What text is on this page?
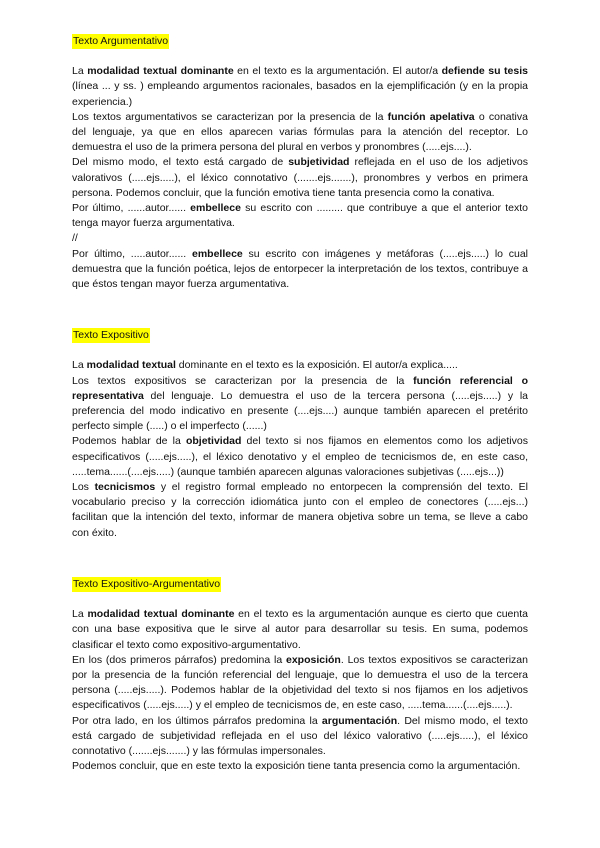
Texto Argumentativo

La modalidad textual dominante en el texto es la argumentación. El autor/a defiende su tesis (línea ... y ss. ) empleando argumentos racionales, basados en la ejemplificación (y en la propia experiencia.)

Los textos argumentativos se caracterizan por la presencia de la función apelativa o conativa del lenguaje, ya que en ellos aparecen varias fórmulas para la atención del receptor. Lo demuestra el uso de la primera persona del plural en verbos y pronombres (.....ejs....).

Del mismo modo, el texto está cargado de subjetividad reflejada en el uso de los adjetivos valorativos (.....ejs.....), el léxico connotativo (.......ejs.......), pronombres y verbos en primera persona. Podemos concluir, que la función emotiva tiene tanta presencia como la conativa.

Por último, ......autor...... embellece su escrito con ......... que contribuye a que el anterior texto tenga mayor fuerza argumentativa.

//

Por último, .....autor...... embellece su escrito con imágenes y metáforas (.....ejs.....) lo cual demuestra que la función poética, lejos de entorpecer la interpretación de los textos, contribuye a que éstos tengan mayor fuerza argumentativa.

Texto Expositivo

La modalidad textual dominante en el texto es la exposición. El autor/a explica.....

Los textos expositivos se caracterizan por la presencia de la función referencial o representativa del lenguaje. Lo demuestra el uso de la tercera persona (.....ejs.....) y la preferencia del modo indicativo en presente (....ejs....) aunque también aparecen el pretérito perfecto simple (.....) o el imperfecto (......)

Podemos hablar de la objetividad del texto si nos fijamos en elementos como los adjetivos especificativos (.....ejs.....), el léxico denotativo y el empleo de tecnicismos de, en este caso, .....tema......(....ejs.....) (aunque también aparecen algunas valoraciones subjetivas (.....ejs...))

Los tecnicismos y el registro formal empleado no entorpecen la comprensión del texto. El vocabulario preciso y la corrección idiomática junto con el empleo de conectores (.....ejs...) facilitan que la intención del texto, informar de manera objetiva sobre un tema, se lleve a cabo con éxito.

Texto Expositivo-Argumentativo

La modalidad textual dominante en el texto es la argumentación aunque es cierto que cuenta con una base expositiva que le sirve al autor para desarrollar su tesis. En suma, podemos clasificar el texto como expositivo-argumentativo.

En los (dos primeros párrafos) predomina la exposición. Los textos expositivos se caracterizan por la presencia de la función referencial del lenguaje, que lo demuestra el uso de la tercera persona (.....ejs.....). Podemos hablar de la objetividad del texto si nos fijamos en los adjetivos especificativos (.....ejs.....) y el empleo de tecnicismos de, en este caso, .....tema......(....ejs.....).

Por otra lado, en los últimos párrafos predomina la argumentación. Del mismo modo, el texto está cargado de subjetividad reflejada en el uso del léxico valorativo (.....ejs.....), el léxico connotativo (.......ejs.......) y las fórmulas impersonales.

Podemos concluir, que en este texto la exposición tiene tanta presencia como la argumentación.
